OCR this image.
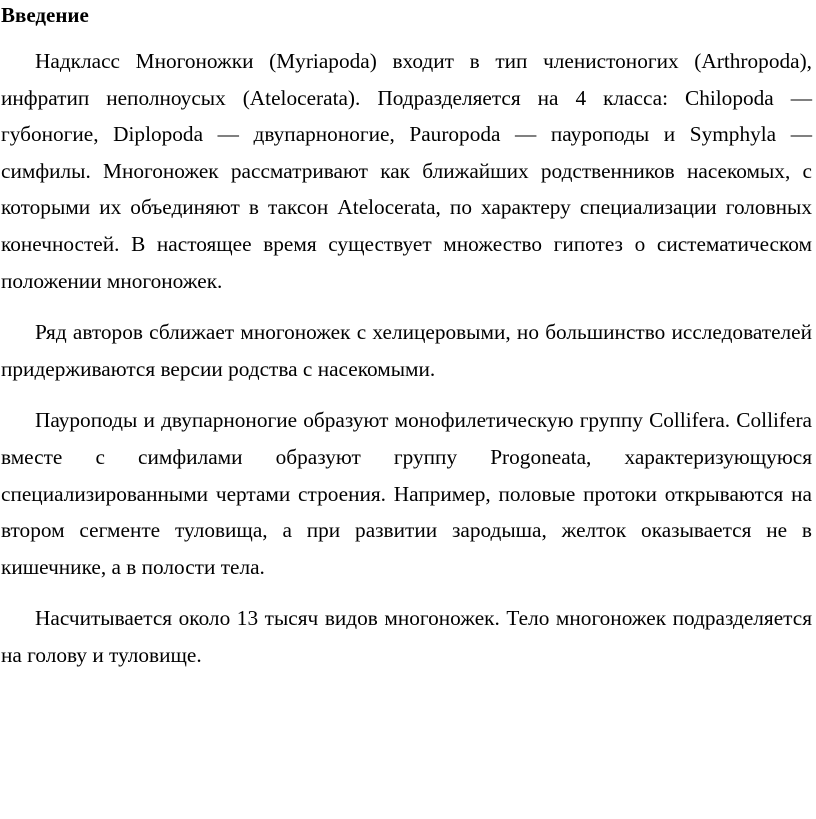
Введение

Надкласс Многоножки (Myriapoda) входит в тип членистоногих (Arthropoda), инфратип неполноусых (Atelocerata). Подразделяется на 4 класса: Chilopoda — губоногие, Diplopoda — двупарноногие, Pauropoda — пауроподы и Symphyla — симфилы. Многоножек рассматривают как ближайших родственников насекомых, с которыми их объединяют в таксон Atelocerata, по характеру специализации головных конечностей. В настоящее время существует множество гипотез о систематическом положении многоножек.

Ряд авторов сближает многоножек с хелицеровыми, но большинство исследователей придерживаются версии родства с насекомыми.

Пауроподы и двупарноногие образуют монофилетическую группу Collifera. Collifera вместе с симфилами образуют группу Progoneata, характеризующуюся специализированными чертами строения. Например, половые протоки открываются на втором сегменте туловища, а при развитии зародыша, желток оказывается не в кишечнике, а в полости тела.

Насчитывается около 13 тысяч видов многоножек. Тело многоножек подразделяется на голову и туловище.
